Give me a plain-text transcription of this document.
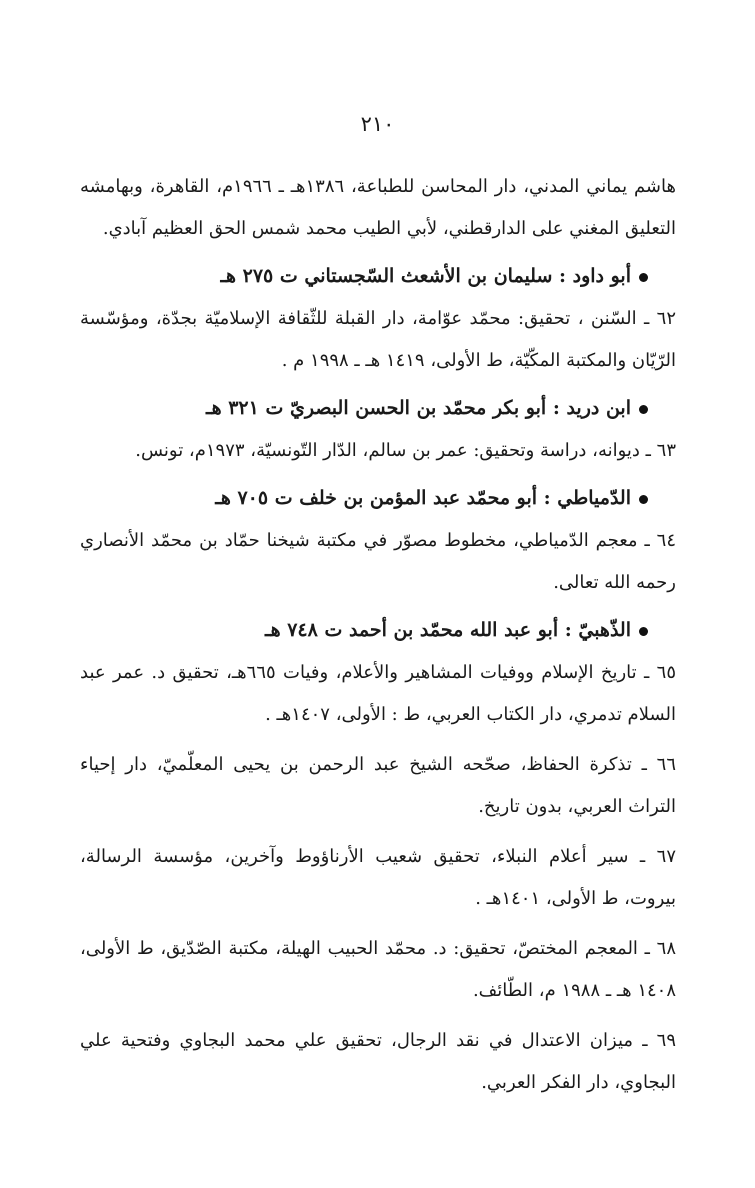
٢١٠
هاشم يماني المدني، دار المحاسن للطباعة، ١٣٨٦هـ ـ ١٩٦٦م، القاهرة، وبهامشه التعليق المغني على الدارقطني، لأبي الطيب محمد شمس الحق العظيم آبادي.
أبو داود : سليمان بن الأشعث السّجستاني ت ٢٧٥ هـ
٦٢ ـ السّنن ، تحقيق: محمّد عوّامة، دار القبلة للثّقافة الإسلاميّة بجدّة، ومؤسّسة الرّيّان والمكتبة المكّيّة، ط الأولى، ١٤١٩ هـ ـ ١٩٩٨ م .
ابن دريد : أبو بكر محمّد بن الحسن البصريّ ت ٣٢١ هـ
٦٣ ـ ديوانه، دراسة وتحقيق: عمر بن سالم، الدّار التّونسيّة، ١٩٧٣م، تونس.
الدّمياطي : أبو محمّد عبد المؤمن بن خلف ت ٧٠٥ هـ
٦٤ ـ معجم الدّمياطي، مخطوط مصوّر في مكتبة شيخنا حمّاد بن محمّد الأنصاري رحمه الله تعالى.
الذّهبيّ : أبو عبد الله محمّد بن أحمد ت ٧٤٨ هـ
٦٥ ـ تاريخ الإسلام ووفيات المشاهير والأعلام، وفيات ٦٦٥هـ، تحقيق د. عمر عبد السلام تدمري، دار الكتاب العربي، ط : الأولى، ١٤٠٧هـ .
٦٦ ـ تذكرة الحفاظ، صحّحه الشيخ عبد الرحمن بن يحيى المعلّميّ، دار إحياء التراث العربي، بدون تاريخ.
٦٧ ـ سير أعلام النبلاء، تحقيق شعيب الأرناؤوط وآخرين، مؤسسة الرسالة، بيروت، ط الأولى، ١٤٠١هـ .
٦٨ ـ المعجم المختصّ، تحقيق: د. محمّد الحبيب الهيلة، مكتبة الصّدّيق، ط الأولى، ١٤٠٨ هـ ـ ١٩٨٨ م، الطّائف.
٦٩ ـ ميزان الاعتدال في نقد الرجال، تحقيق علي محمد البجاوي وفتحية علي البجاوي، دار الفكر العربي.
